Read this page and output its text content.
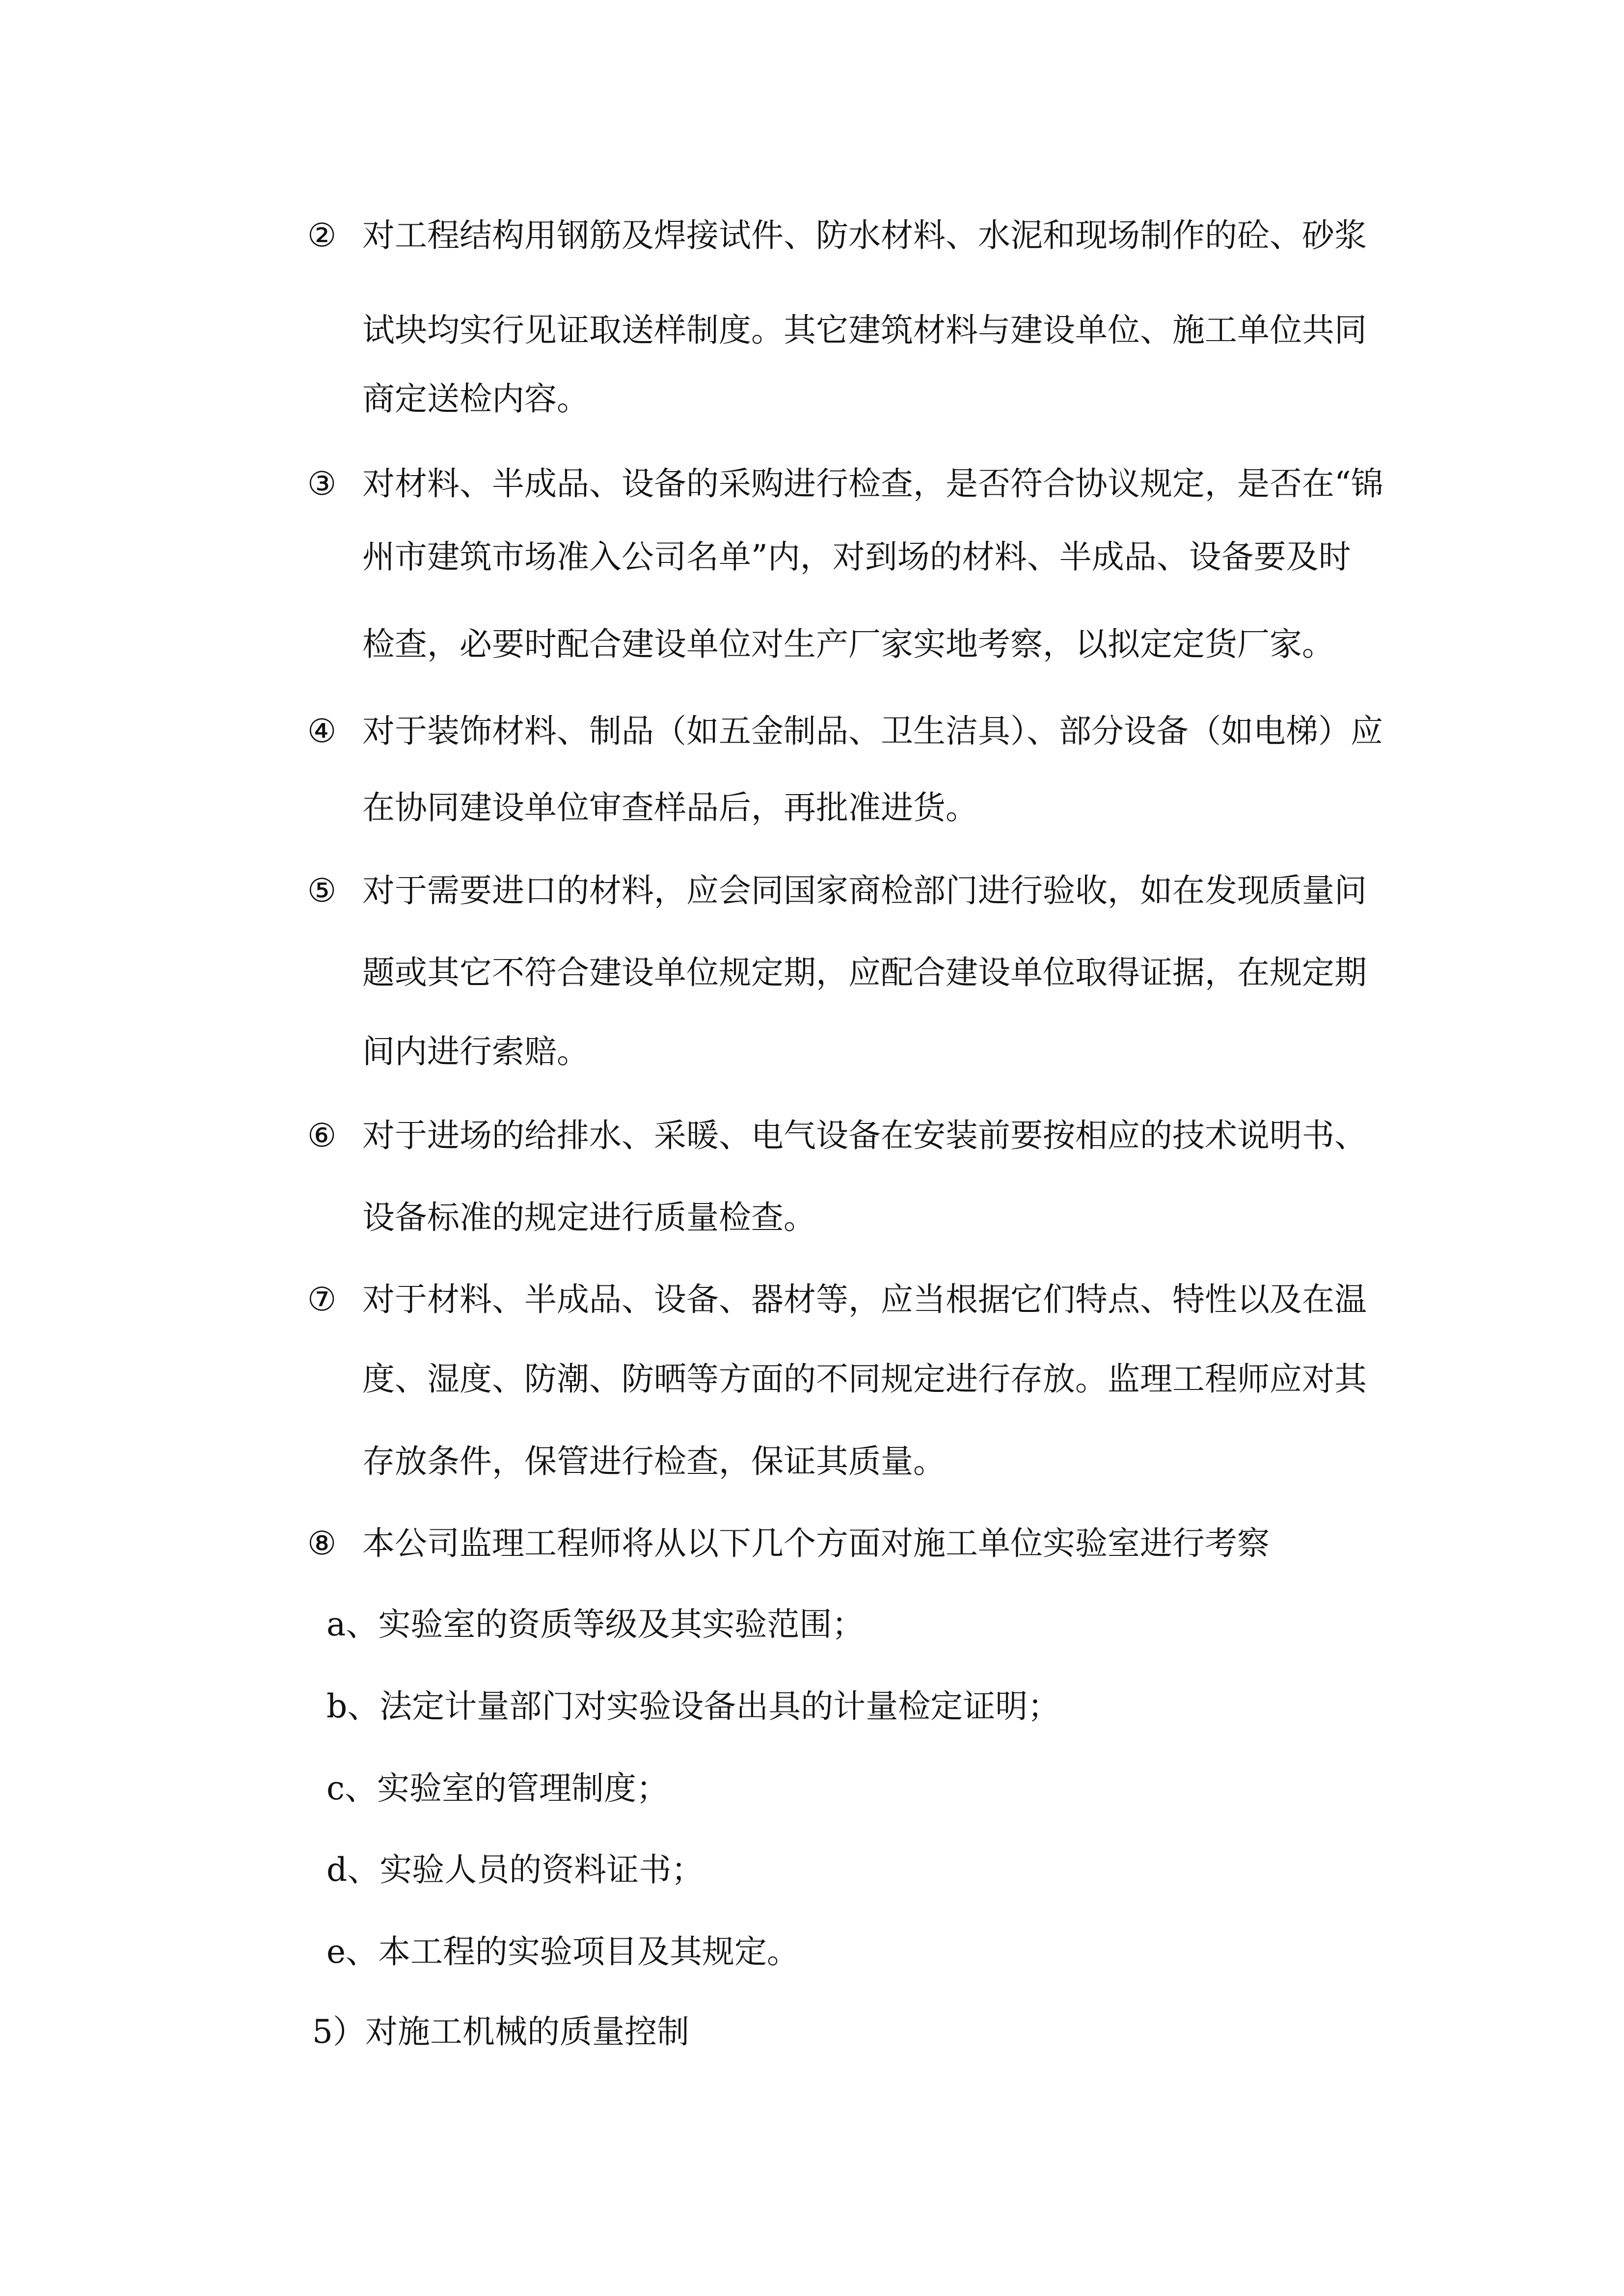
② 对工程结构用钢筋及焊接试件、防水材料、水泥和现场制作的砼、砂浆

试块均实行见证取送样制度。其它建筑材料与建设单位、施工单位共同

商定送检内容。

③ 对材料、半成品、设备的采购进行检查，是否符合协议规定，是否在“锦

州市建筑市场准入公司名单”内，对到场的材料、半成品、设备要及时

检查，必要时配合建设单位对生产厂家实地考察，以拟定定货厂家。

④ 对于装饰材料、制品（如五金制品、卫生洁具）、部分设备（如电梯）应

在协同建设单位审查样品后，再批准进货。

⑤ 对于需要进口的材料，应会同国家商检部门进行验收，如在发现质量问

题或其它不符合建设单位规定期，应配合建设单位取得证据，在规定期

间内进行索赔。

⑥ 对于进场的给排水、采暖、电气设备在安装前要按相应的技术说明书、

设备标准的规定进行质量检查。

⑦ 对于材料、半成品、设备、器材等，应当根据它们特点、特性以及在温

度、湿度、防潮、防晒等方面的不同规定进行存放。监理工程师应对其

存放条件，保管进行检查，保证其质量。

⑧ 本公司监理工程师将从以下几个方面对施工单位实验室进行考察

a、实验室的资质等级及其实验范围；

b、法定计量部门对实验设备出具的计量检定证明；

c、实验室的管理制度；

d、实验人员的资料证书；

e、本工程的实验项目及其规定。

5）对施工机械的质量控制
